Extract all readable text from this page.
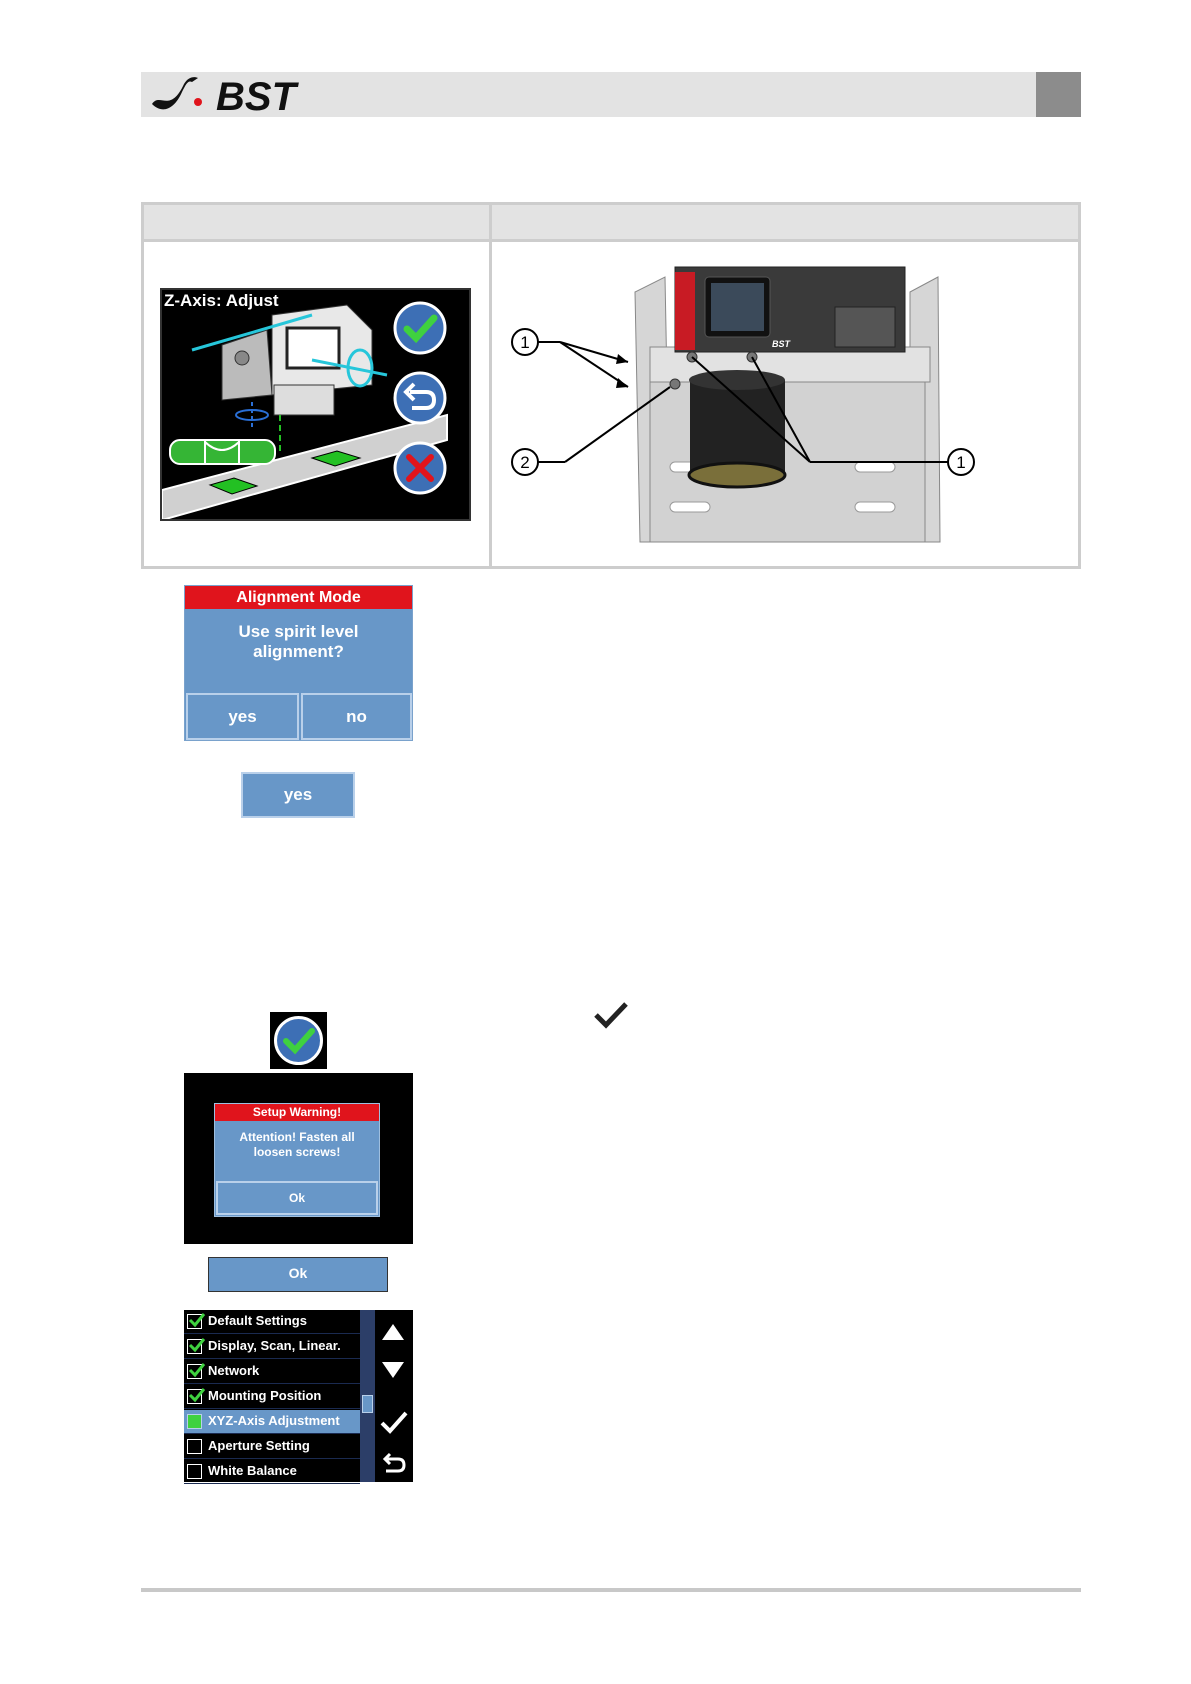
BST
Z-Axis: Adjust
BST
1
2	1
Alignment Mode
Use spirit level
alignment?
yes	no
yes
Setup Warning!
Attention! Fasten all
loosen screws!
Ok
Ok
Default Settings
Display, Scan, Linear.
Network
Mounting Position
XYZ-Axis Adjustment
Aperture Setting
White Balance
